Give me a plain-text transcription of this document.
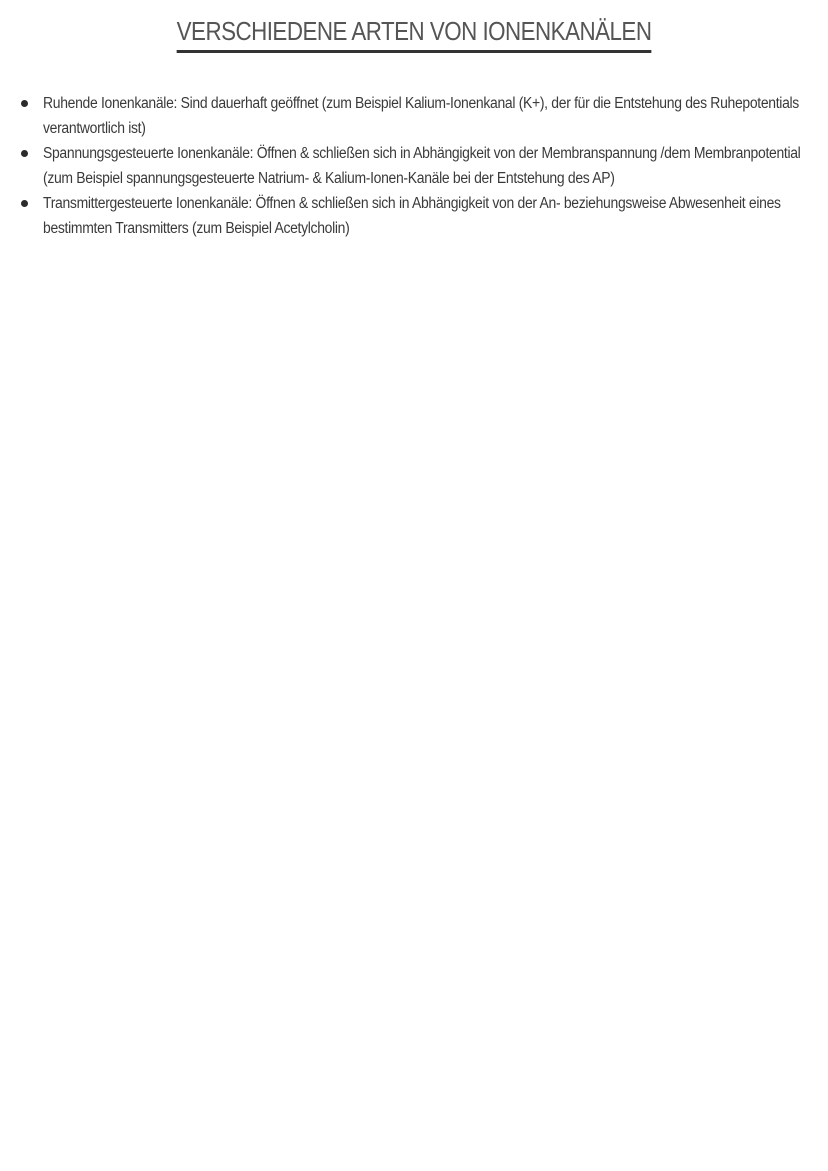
VERSCHIEDENE ARTEN VON IONENKANÄLEN
Ruhende Ionenkanäle: Sind dauerhaft geöffnet (zum Beispiel Kalium-Ionenkanal (K+), der für die Entstehung des Ruhepotentials verantwortlich ist)
Spannungsgesteuerte Ionenkanäle: Öffnen & schließen sich in Abhängigkeit von der Membranspannung /dem Membranpotential (zum Beispiel spannungsgesteuerte Natrium- & Kalium-Ionen-Kanäle bei der Entstehung des AP)
Transmittergesteuerte Ionenkanäle: Öffnen & schließen sich in Abhängigkeit von der An- beziehungsweise Abwesenheit eines bestimmten Transmitters (zum Beispiel Acetylcholin)
